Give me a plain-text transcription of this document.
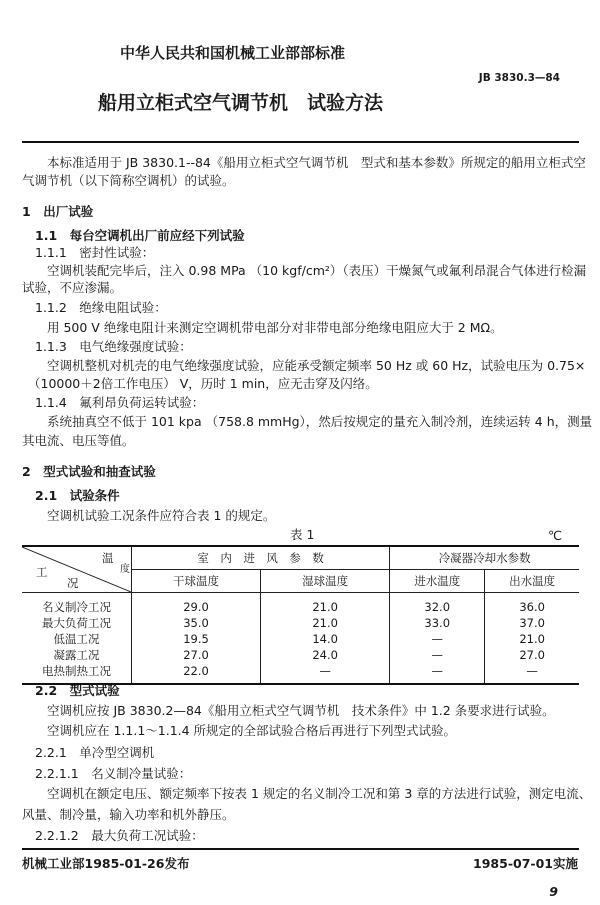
中华人民共和国机械工业部部标准
JB 3830.3—84
船用立柜式空气调节机　试验方法
本标准适用于 JB 3830.1--84《船用立柜式空气调节机　型式和基本参数》所规定的船用立柜式空
气调节机（以下简称空调机）的试验。
1　出厂试验
1.1　每台空调机出厂前应经下列试验
1.1.1　密封性试验：
空调机装配完毕后，注入 0.98 MPa （10 kgf/cm²）（表压）干燥氮气或氟利昂混合气体进行检漏
试验，不应渗漏。
1.1.2　绝缘电阻试验：
用 500 V 绝缘电阻计来测定空调机带电部分对非带电部分绝缘电阻应大于 2 MΩ。
1.1.3　电气绝缘强度试验：
空调机整机对机壳的电气绝缘强度试验，应能承受额定频率 50 Hz 或 60 Hz，试验电压为 0.75×
（10000＋2倍工作电压） V，历时 1 min，应无击穿及闪络。
1.1.4　氟利昂负荷运转试验：
系统抽真空不低于 101 kpa （758.8 mmHg），然后按规定的量充入制冷剂，连续运转 4 h，测量
其电流、电压等值。
2　型式试验和抽查试验
2.1　试验条件
空调机试验工况条件应符合表 1 的规定。
表 1	℃
温
度
工
况	室　内　进　风　参　数		冷凝器冷却水参数	
	干球温度	湿球温度	进水温度	出水温度
名义制冷工况	29.0	21.0	32.0	36.0
最大负荷工况	35.0	21.0	33.0	37.0
低温工况	19.5	14.0	—	21.0
凝露工况	27.0	24.0	—	27.0
电热制热工况	22.0	—	—	—
2.2　型式试验
空调机应按 JB 3830.2—84《船用立柜式空气调节机　技术条件》中 1.2 条要求进行试验。
空调机应在 1.1.1～1.1.4 所规定的全部试验合格后再进行下列型式试验。
2.2.1　单冷型空调机
2.2.1.1　名义制冷量试验：
空调机在额定电压、额定频率下按表 1 规定的名义制冷工况和第 3 章的方法进行试验，测定电流、
风量、制冷量，输入功率和机外静压。
2.2.1.2　最大负荷工况试验：
机械工业部1985-01-26发布	1985-07-01实施
9
